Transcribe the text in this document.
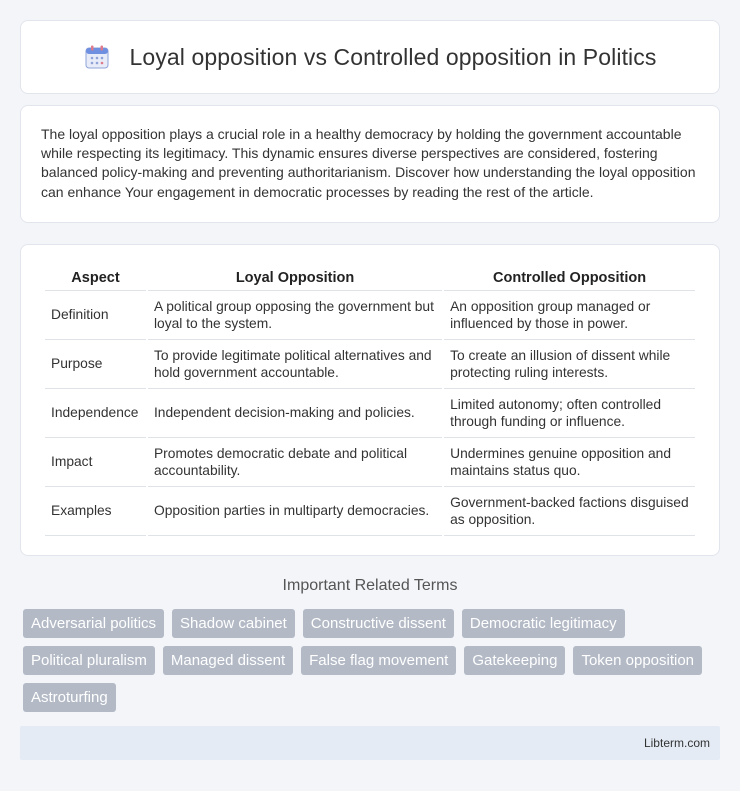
Loyal opposition vs Controlled opposition in Politics

The loyal opposition plays a crucial role in a healthy democracy by holding the government accountable while respecting its legitimacy. This dynamic ensures diverse perspectives are considered, fostering balanced policy-making and preventing authoritarianism. Discover how understanding the loyal opposition can enhance Your engagement in democratic processes by reading the rest of the article.

Aspect	Loyal Opposition	Controlled Opposition
Definition	A political group opposing the government but loyal to the system.	An opposition group managed or influenced by those in power.
Purpose	To provide legitimate political alternatives and hold government accountable.	To create an illusion of dissent while protecting ruling interests.
Independence	Independent decision-making and policies.	Limited autonomy; often controlled through funding or influence.
Impact	Promotes democratic debate and political accountability.	Undermines genuine opposition and maintains status quo.
Examples	Opposition parties in multiparty democracies.	Government-backed factions disguised as opposition.
Important Related Terms
Adversarial politics	Shadow cabinet	Constructive dissent	Democratic legitimacy
Political pluralism	Managed dissent	False flag movement	Gatekeeping	Token opposition
Astroturfing
Libterm.com
